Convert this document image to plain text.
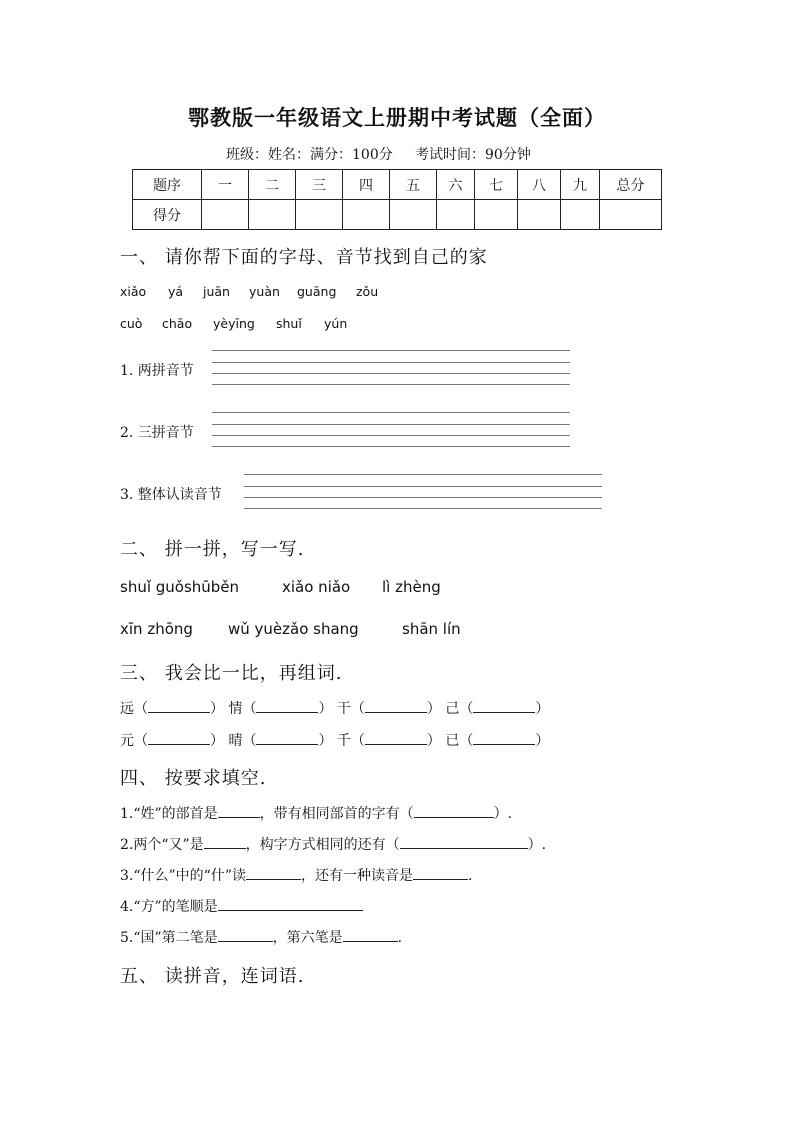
鄂教版一年级语文上册期中考试题（全面）
班级：姓名：满分：100分 考试时间：90分钟
题序	一	二	三	四	五	六	七	八	九	总分
得分										
一、 请你帮下面的字母、音节找到自己的家
xiǎo yá juān yuàn guāng zǒu
cuò chāo yèyīng shuǐ yún
1. 两拼音节
2. 三拼音节
3. 整体认读音节
二、 拼一拼，写一写.
shuǐ guǒshūběn	xiǎo niǎo lì zhèng
xīn zhōng wǔ yuèzǎo shang	shān lín
三、 我会比一比，再组词.
远（	） 情（	） 干（	） 己（	）
元（	） 晴（	） 千（	） 已（	）
四、 按要求填空.
1.“姓”的部首是	，带有相同部首的字有（	）.
2.两个“又”是	，构字方式相同的还有（	）.
3.“什么”中的“什”读	，还有一种读音是	.
4.“方”的笔顺是
5.“国”第二笔是	，第六笔是	.
五、 读拼音，连词语.
